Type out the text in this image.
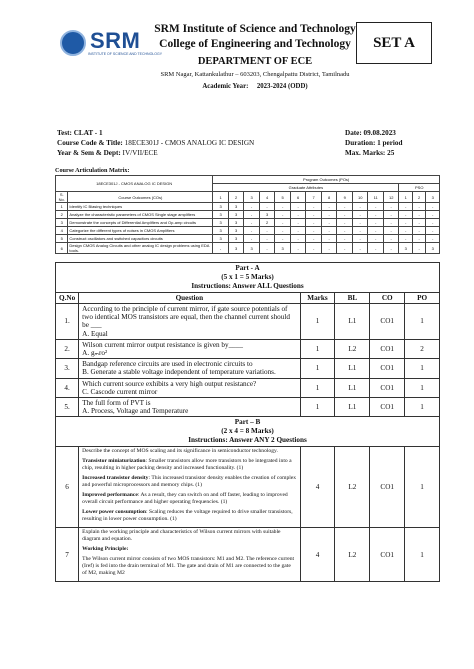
SRM
INSTITUTE OF SCIENCE AND TECHNOLOGY
SRM Institute of Science and Technology
College of Engineering and Technology	SET A
DEPARTMENT OF ECE
SRM Nagar, Kattankulathur – 603203, Chengalpattu District, Tamilnadu
Academic Year: 2023-2024 (ODD)
Test: CLAT - 1	Date: 09.08.2023
Course Code & Title: 18ECE301J - CMOS ANALOG IC DESIGN	Duration: 1 period
Year & Sem & Dept: IV/VII/ECE	Max. Marks: 25
Course Articulation Matrix:
18ECE301J - CMOS ANALOG IC DESIGN		Program Outcomes (POs)														
		Graduate Attributes												PSO		
S. No.	Course Outcomes (COs)	1	2	3	4	5	6	7	8	9	10	11	12	1	2	3
1	Identify IC Biasing techniques	3	3	-	-	-	-	-	-	-	-	-	-	-	-	-
2	Analyze the characteristic parameters of CMOS Single stage amplifiers	3	3	-	3	-	-	-	-	-	-	-	-	-	-	-
3	Demonstrate the concepts of Differential Amplifiers and Op-amp circuits	3	3	-	2	-	-	-	-	-	-	-	-	-	-	-
4	Categorize the different types of noises in CMOS Amplifiers	3	3	-	-	-	-	-	-	-	-	-	-	-	-	-
5	Construct oscillators and switched capacitors circuits	3	3	-	-	-	-	-	-	-	-	-	-	-	-	-
6	Design CMOS Analog Circuits and other analog IC design problems using EDA tools.	-	3	3	-	3	-	-	-	-	-	-	-	3	-	3
Part - A
(5 x 1 = 5 Marks)
Instructions: Answer ALL Questions					

Q.No	Question	Marks	BL	CO	PO
1.	According to the principle of current mirror, if gate source potentials of two identical MOS transistors are equal, then the channel current should be ___
A. Equal	1	L1	CO1	1
2.	Wilson current mirror output resistance is given by____
A. gₘro²	1	L2	CO1	2
3.	Bandgap reference circuits are used in electronic circuits to
B. Generate a stable voltage independent of temperature variations.	1	L1	CO1	1
4.	Which current source exhibits a very high output resistance?
C. Cascode current mirror	1	L1	CO1	1
5.	The full form of PVT is
A. Process, Voltage and Temperature	1	L1	CO1	1

Part – B
(2 x 4 = 8 Marks)
Instructions: Answer ANY 2 Questions					

6	Describe the concept of MOS scaling and its significance in semiconductor technology.

Transistor miniaturization: Smaller transistors allow more transistors to be integrated into a chip, resulting in higher packing density and increased functionality. (1)

Increased transistor density: This increased transistor density enables the creation of complex and powerful microprocessors and memory chips. (1)

Improved performance: As a result, they can switch on and off faster, leading to improved overall circuit performance and higher operating frequencies. (1)

Lower power consumption: Scaling reduces the voltage required to drive smaller transistors, resulting in lower power consumption. (1)	4	L2	CO1	1
7	Explain the working principle and characteristics of Wilson current mirrors with suitable diagram and equation.

Working Principle:

The Wilson current mirror consists of two MOS transistors: M1 and M2. The reference current (Iref) is fed into the drain terminal of M1. The gate and drain of M1 are connected to the gate of M2, making M2	4	L2	CO1	1
